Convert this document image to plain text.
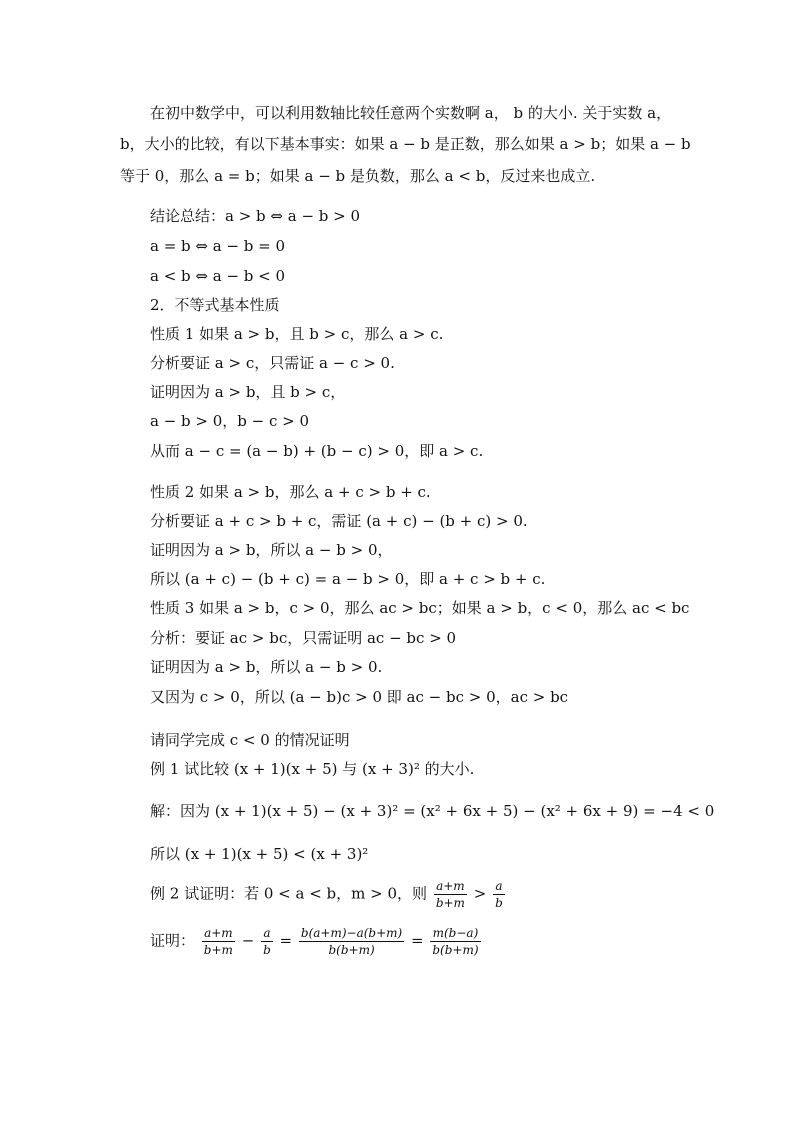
在初中数学中，可以利用数轴比较任意两个实数啊 a， b 的大小. 关于实数 a，
b，大小的比较，有以下基本事实：如果 a − b 是正数，那么如果 a > b；如果 a − b
等于 0，那么 a = b；如果 a − b 是负数，那么 a < b，反过来也成立.
结论总结：a > b ⇔ a − b > 0
a = b ⇔ a − b = 0
a < b ⇔ a − b < 0
2．不等式基本性质
性质 1 如果 a > b，且 b > c，那么 a > c.
分析要证 a > c，只需证 a − c > 0.
证明因为 a > b，且 b > c，
a − b > 0，b − c > 0
从而 a − c = (a − b) + (b − c) > 0，即 a > c.
性质 2 如果 a > b，那么 a + c > b + c.
分析要证 a + c > b + c，需证 (a + c) − (b + c) > 0.
证明因为 a > b，所以 a − b > 0，
所以 (a + c) − (b + c) = a − b > 0，即 a + c > b + c.
性质 3 如果 a > b，c > 0，那么 ac > bc；如果 a > b，c < 0，那么 ac < bc
分析：要证 ac > bc，只需证明 ac − bc > 0
证明因为 a > b，所以 a − b > 0.
又因为 c > 0，所以 (a − b)c > 0 即 ac − bc > 0，ac > bc
请同学完成 c < 0 的情况证明
例 1 试比较 (x + 1)(x + 5) 与 (x + 3)² 的大小.
解：因为 (x + 1)(x + 5) − (x + 3)² = (x² + 6x + 5) − (x² + 6x + 9) = −4 < 0
所以 (x + 1)(x + 5) < (x + 3)²
例 2 试证明：若 0 < a < b，m > 0，则 $\frac{a+m}{b+m} > \frac{a}{b}$
证明： $\frac{a+m}{b+m} - \frac{a}{b} = \frac{b(a+m)-a(b+m)}{b(b+m)} = \frac{m(b-a)}{b(b+m)}$
